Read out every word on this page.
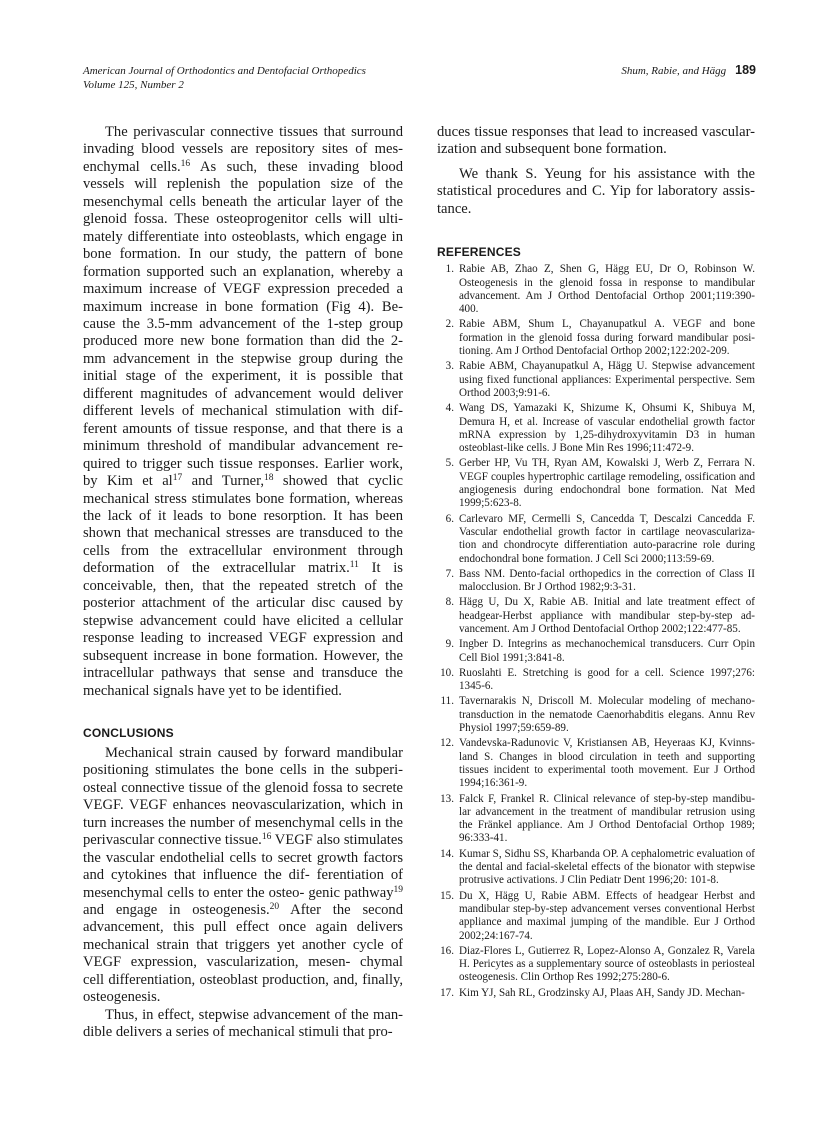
American Journal of Orthodontics and Dentofacial Orthopedics
Volume 125, Number 2
Shum, Rabie, and Hägg 189

The perivascular connective tissues that surround invading blood vessels are repository sites of mes- enchymal cells.$^{16}$ As such, these invading blood vessels will replenish the population size of the mesenchymal cells beneath the articular layer of the glenoid fossa. These osteoprogenitor cells will ulti- mately differentiate into osteoblasts, which engage in bone formation. In our study, the pattern of bone formation supported such an explanation, whereby a maximum increase of VEGF expression preceded a maximum increase in bone formation (Fig 4). Be- cause the 3.5-mm advancement of the 1-step group produced more new bone formation than did the 2-mm advancement in the stepwise group during the initial stage of the experiment, it is possible that different magnitudes of advancement would deliver different levels of mechanical stimulation with dif- ferent amounts of tissue response, and that there is a minimum threshold of mandibular advancement re- quired to trigger such tissue responses. Earlier work, by Kim et $al^{17}$ and Turner,$^{18}$ showed that cyclic mechanical stress stimulates bone formation, whereas the lack of it leads to bone resorption. It has been shown that mechanical stresses are transduced to the cells from the extracellular environment through deformation of the extracellular matrix.$^{11}$ It is conceivable, then, that the repeated stretch of the posterior attachment of the articular disc caused by stepwise advancement could have elicited a cellular response leading to increased VEGF expression and subsequent increase in bone formation. However, the intracellular pathways that sense and transduce the mechanical signals have yet to be identified.

CONCLUSIONS

Mechanical strain caused by forward mandibular positioning stimulates the bone cells in the subperi- osteal connective tissue of the glenoid fossa to secrete VEGF. VEGF enhances neovascularization, which in turn increases the number of mesenchymal cells in the perivascular connective tissue.$^{16}$ VEGF also stimulates the vascular endothelial cells to secret growth factors and cytokines that influence the dif- ferentiation of mesenchymal cells to enter the osteo- genic pathway$^{19}$ and engage in osteogenesis.$^{20}$ After the second advancement, this pull effect once again delivers mechanical strain that triggers yet another cycle of VEGF expression, vascularization, mesen- chymal cell differentiation, osteoblast production, and, finally, osteogenesis.

Thus, in effect, stepwise advancement of the man- dible delivers a series of mechanical stimuli that pro-

duces tissue responses that lead to increased vascular- ization and subsequent bone formation.

We thank S. Yeung for his assistance with the statistical procedures and C. Yip for laboratory assis- tance.

REFERENCES
1. Rabie AB, Zhao Z, Shen G, Hägg EU, Dr O, Robinson W. Osteogenesis in the glenoid fossa in response to mandibular advancement. Am J Orthod Dentofacial Orthop 2001;119:390- 400.
2. Rabie ABM, Shum L, Chayanupatkul A. VEGF and bone formation in the glenoid fossa during forward mandibular posi- tioning. Am J Orthod Dentofacial Orthop 2002;122:202-209.
3. Rabie ABM, Chayanupatkul A, Hägg U. Stepwise advancement using fixed functional appliances: Experimental perspective. Sem Orthod 2003;9:91-6.
4. Wang DS, Yamazaki K, Shizume K, Ohsumi K, Shibuya M, Demura H, et al. Increase of vascular endothelial growth factor mRNA expression by 1,25-dihydroxyvitamin D3 in human osteoblast-like cells. J Bone Min Res 1996;11:472-9.
5. Gerber HP, Vu TH, Ryan AM, Kowalski J, Werb Z, Ferrara N. VEGF couples hypertrophic cartilage remodeling, ossification and angiogenesis during endochondral bone formation. Nat Med 1999;5:623-8.
6. Carlevaro MF, Cermelli S, Cancedda T, Descalzi Cancedda F. Vascular endothelial growth factor in cartilage neovasculariza- tion and chondrocyte differentiation auto-paracrine role during endochondral bone formation. J Cell Sci 2000;113:59-69.
7. Bass NM. Dento-facial orthopedics in the correction of Class II malocclusion. Br J Orthod 1982;9:3-31.
8. Hägg U, Du X, Rabie AB. Initial and late treatment effect of headgear-Herbst appliance with mandibular step-by-step ad- vancement. Am J Orthod Dentofacial Orthop 2002;122:477-85.
9. Ingber D. Integrins as mechanochemical transducers. Curr Opin Cell Biol 1991;3:841-8.
10. Ruoslahti E. Stretching is good for a cell. Science 1997;276: 1345-6.
11. Tavernarakis N, Driscoll M. Molecular modeling of mechano- transduction in the nematode Caenorhabditis elegans. Annu Rev Physiol 1997;59:659-89.
12. Vandevska-Radunovic V, Kristiansen AB, Heyeraas KJ, Kvinns- land S. Changes in blood circulation in teeth and supporting tissues incident to experimental tooth movement. Eur J Orthod 1994;16:361-9.
13. Falck F, Frankel R. Clinical relevance of step-by-step mandibu- lar advancement in the treatment of mandibular retrusion using the Fränkel appliance. Am J Orthod Dentofacial Orthop 1989; 96:333-41.
14. Kumar S, Sidhu SS, Kharbanda OP. A cephalometric evaluation of the dental and facial-skeletal effects of the bionator with stepwise protrusive activations. J Clin Pediatr Dent 1996;20: 101-8.
15. Du X, Hägg U, Rabie ABM. Effects of headgear Herbst and mandibular step-by-step advancement verses conventional Herbst appliance and maximal jumping of the mandible. Eur J Orthod 2002;24:167-74.
16. Diaz-Flores L, Gutierrez R, Lopez-Alonso A, Gonzalez R, Varela H. Pericytes as a supplementary source of osteoblasts in periosteal osteogenesis. Clin Orthop Res 1992;275:280-6.
17. Kim YJ, Sah RL, Grodzinsky AJ, Plaas AH, Sandy JD. Mechan-
